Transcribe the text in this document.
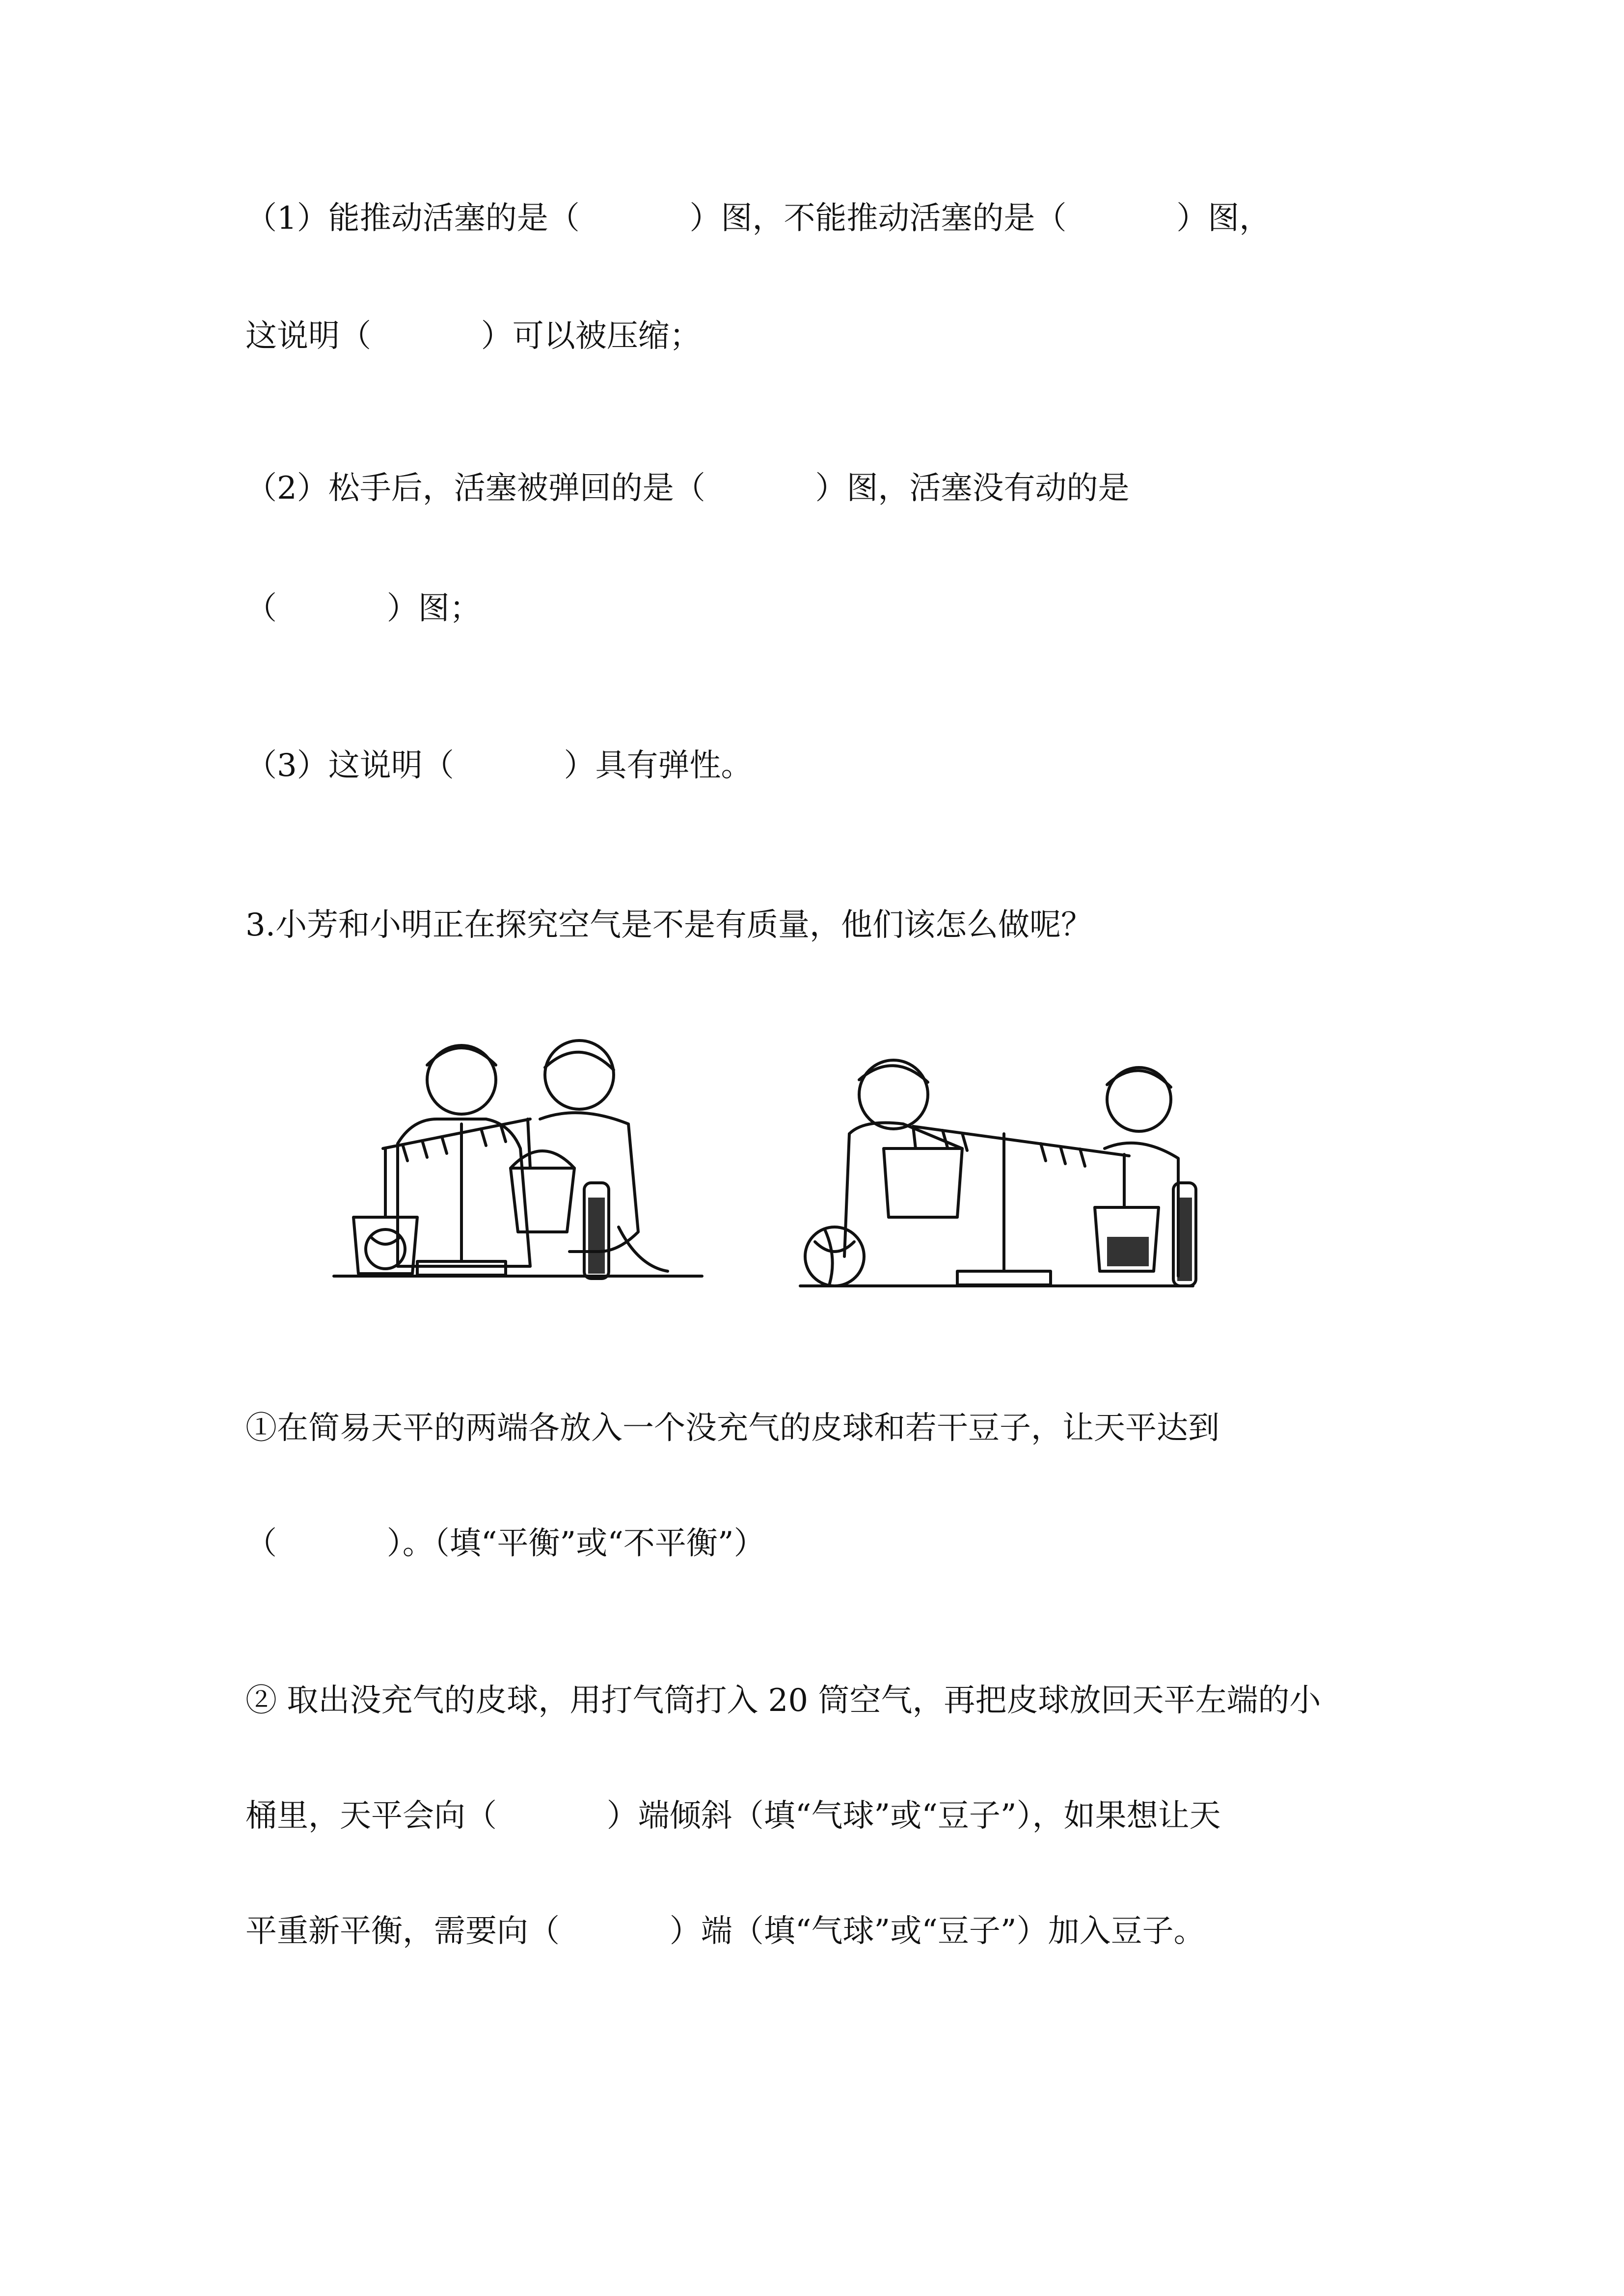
（1）能推动活塞的是（           ）图，不能推动活塞的是（           ）图，

这说明（           ）可以被压缩；

（2）松手后，活塞被弹回的是（           ）图，活塞没有动的是

（           ）图；

（3）这说明（           ）具有弹性。

3.小芳和小明正在探究空气是不是有质量，他们该怎么做呢？

①在简易天平的两端各放入一个没充气的皮球和若干豆子，让天平达到

（           ）。（填“平衡”或“不平衡”）

② 取出没充气的皮球，用打气筒打入 20 筒空气，再把皮球放回天平左端的小

桶里，天平会向（           ）端倾斜（填“气球”或“豆子”），如果想让天

平重新平衡，需要向（           ）端（填“气球”或“豆子”）加入豆子。
